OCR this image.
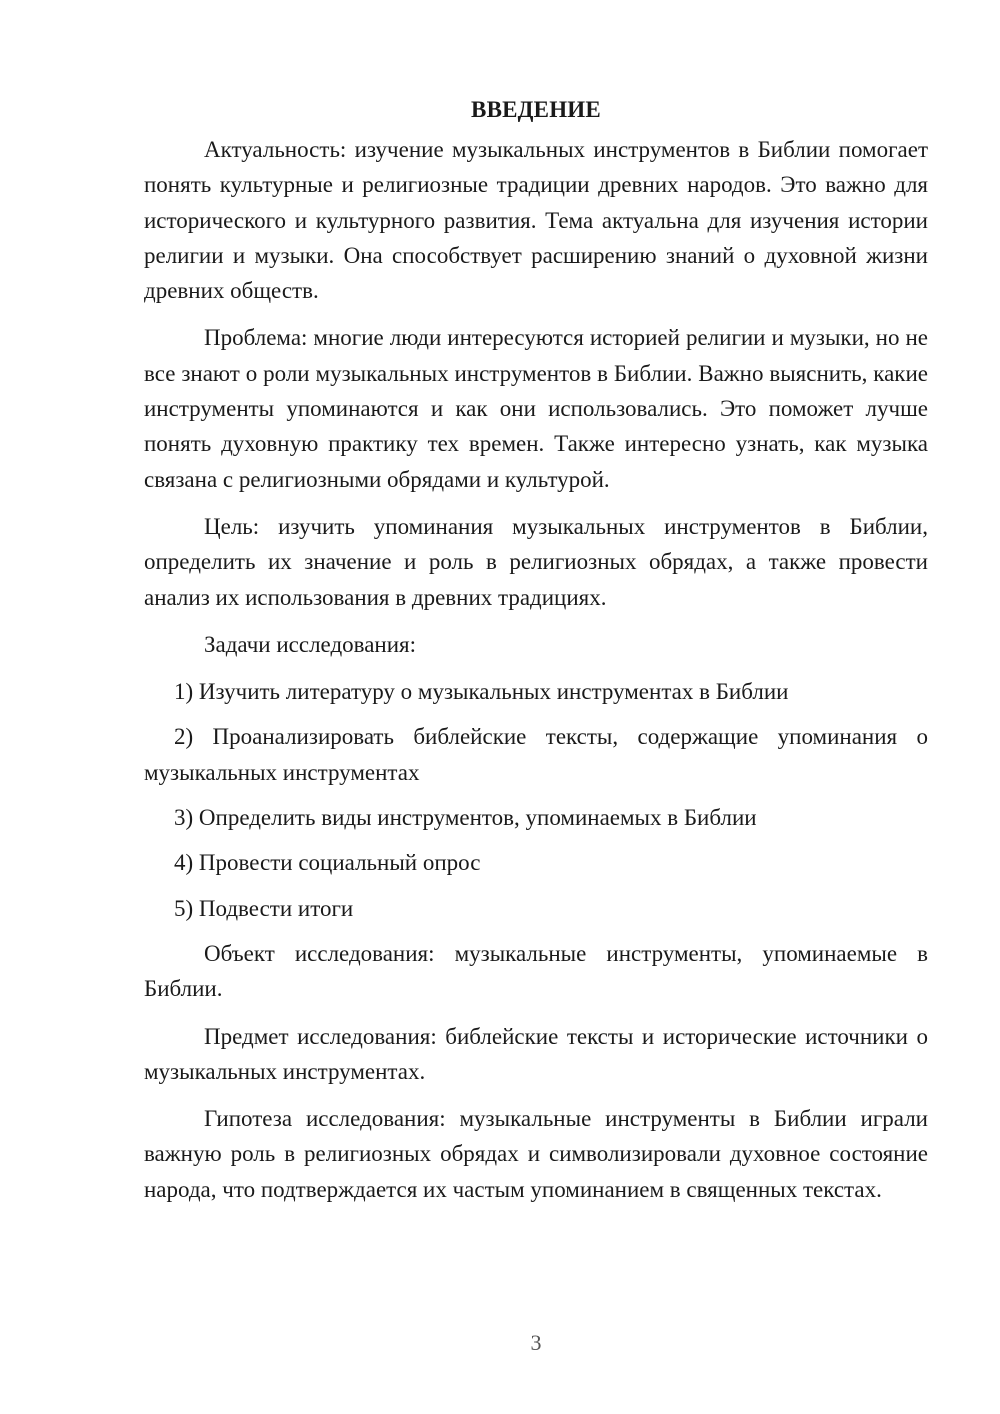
ВВЕДЕНИЕ

Актуальность: изучение музыкальных инструментов в Библии помогает понять культурные и религиозные традиции древних народов. Это важно для исторического и культурного развития. Тема актуальна для изучения истории религии и музыки. Она способствует расширению знаний о духовной жизни древних обществ.

Проблема: многие люди интересуются историей религии и музыки, но не все знают о роли музыкальных инструментов в Библии. Важно выяснить, какие инструменты упоминаются и как они использовались. Это поможет лучше понять духовную практику тех времен. Также интересно узнать, как музыка связана с религиозными обрядами и культурой.

Цель: изучить упоминания музыкальных инструментов в Библии, определить их значение и роль в религиозных обрядах, а также провести анализ их использования в древних традициях.

Задачи исследования:

1) Изучить литературу о музыкальных инструментах в Библии

2) Проанализировать библейские тексты, содержащие упоминания о музыкальных инструментах

3) Определить виды инструментов, упоминаемых в Библии

4) Провести социальный опрос

5) Подвести итоги

Объект исследования: музыкальные инструменты, упоминаемые в Библии.

Предмет исследования: библейские тексты и исторические источники о музыкальных инструментах.

Гипотеза исследования: музыкальные инструменты в Библии играли важную роль в религиозных обрядах и символизировали духовное состояние народа, что подтверждается их частым упоминанием в священных текстах.

3
